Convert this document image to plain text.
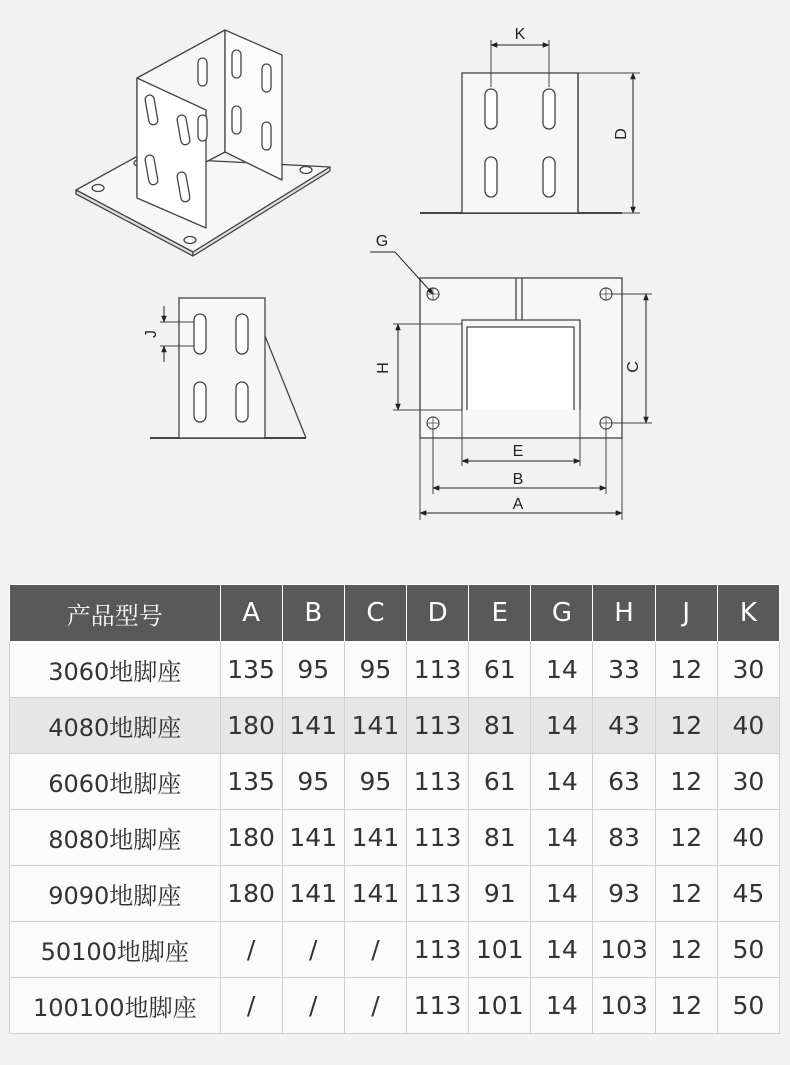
K
D
J
G
H	C
E
B
A
产品型号	A	B	C	D	E	G	H	J	K
3060地脚座	135	95	95	113	61	14	33	12	30
4080地脚座	180	141	141	113	81	14	43	12	40
6060地脚座	135	95	95	113	61	14	63	12	30
8080地脚座	180	141	141	113	81	14	83	12	40
9090地脚座	180	141	141	113	91	14	93	12	45
50100地脚座	/	/	/	113	101	14	103	12	50
100100地脚座	/	/	/	113	101	14	103	12	50
